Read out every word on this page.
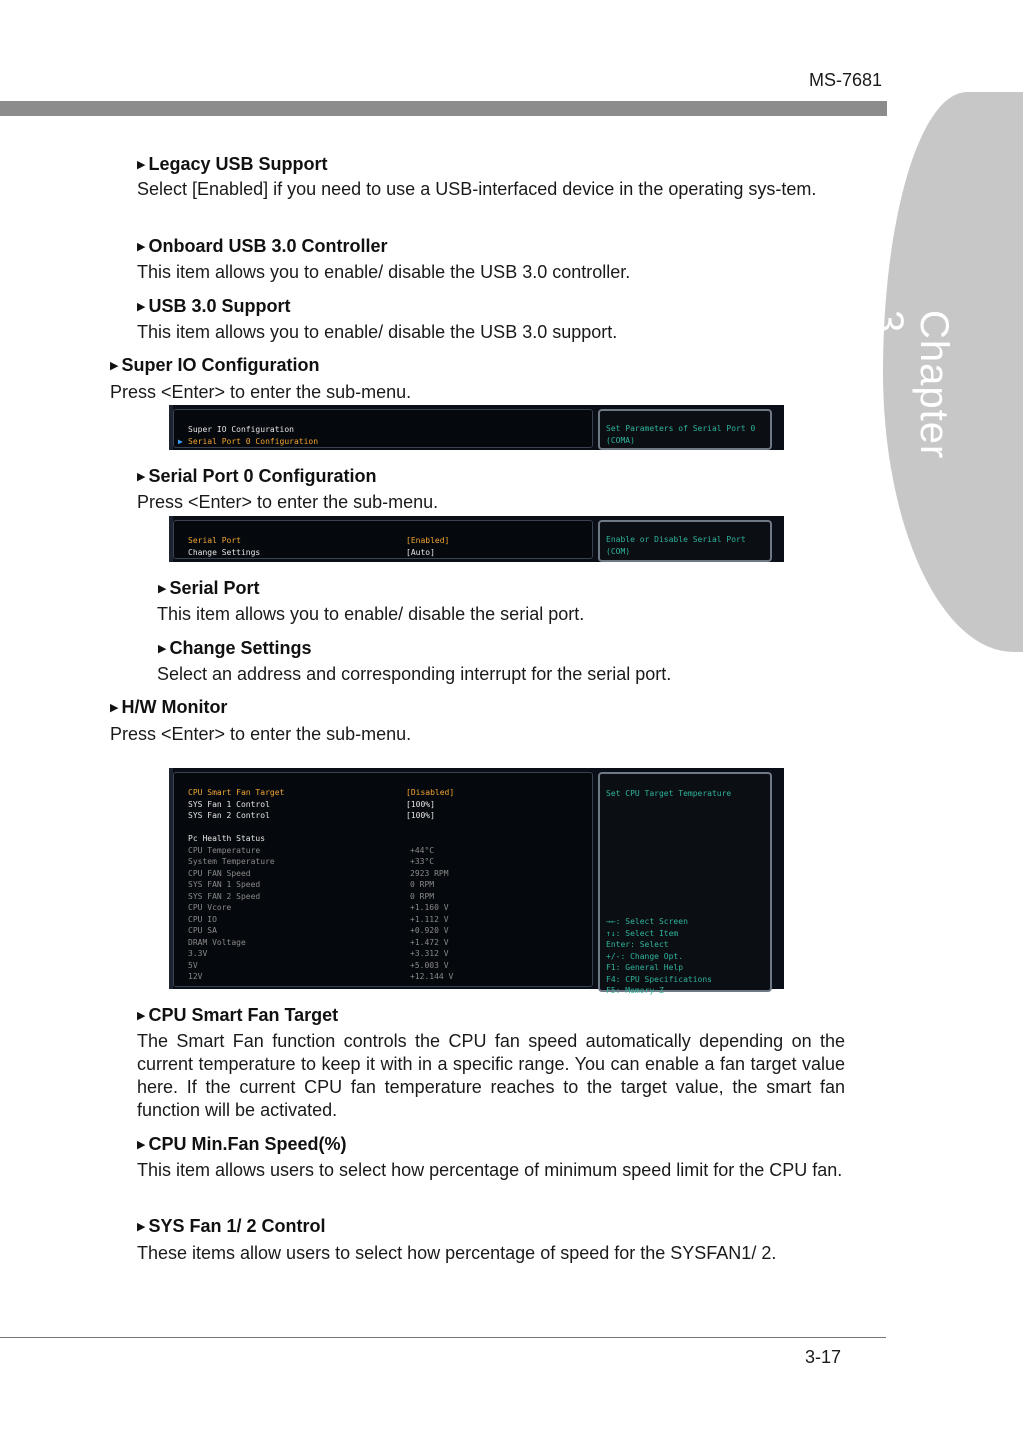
MS-7681
Chapter 3
▶ Legacy USB Support
Select [Enabled] if you need to use a USB-interfaced device in the operating sys-tem.
▶ Onboard USB 3.0 Controller
This item allows you to enable/ disable the USB 3.0 controller.
▶ USB 3.0 Support
This item allows you to enable/ disable the USB 3.0 support.
▶ Super IO Configuration
Press <Enter> to enter the sub-menu.
Super IO Configuration
▶ Serial Port 0 Configuration
Set Parameters of Serial Port 0
(COMA)
▶ Serial Port 0 Configuration
Press <Enter> to enter the sub-menu.
Serial Port	[Enabled]
Change Settings	[Auto]
Enable or Disable Serial Port
(COM)
▶ Serial Port
This item allows you to enable/ disable the serial port.
▶ Change Settings
Select an address and corresponding interrupt for the serial port.
▶ H/W Monitor
Press <Enter> to enter the sub-menu.
CPU Smart Fan Target	[Disabled]
SYS Fan 1 Control	[100%]
SYS Fan 2 Control	[100%]
Pc Health Status
CPU Temperature	+44°C
System Temperature	+33°C
CPU FAN Speed	2923 RPM
SYS FAN 1 Speed	0 RPM
SYS FAN 2 Speed	0 RPM
CPU Vcore	+1.160 V
CPU IO	+1.112 V
CPU SA	+0.920 V
DRAM Voltage	+1.472 V
3.3V	+3.312 V
5V	+5.003 V
12V	+12.144 V
Set CPU Target Temperature
→←: Select Screen
↑↓: Select Item
Enter: Select
+/-: Change Opt.
F1: General Help
F4: CPU Specifications
F5: Memory-Z
▶ CPU Smart Fan Target
The Smart Fan function controls the CPU fan speed automatically depending on the current temperature to keep it with in a specific range. You can enable a fan target value here. If the current CPU fan temperature reaches to the target value, the smart fan function will be activated.
▶ CPU Min.Fan Speed(%)
This item allows users to select how percentage of minimum speed limit for the CPU fan.
▶ SYS Fan 1/ 2 Control
These items allow users to select how percentage of speed for the SYSFAN1/ 2.
3-17
